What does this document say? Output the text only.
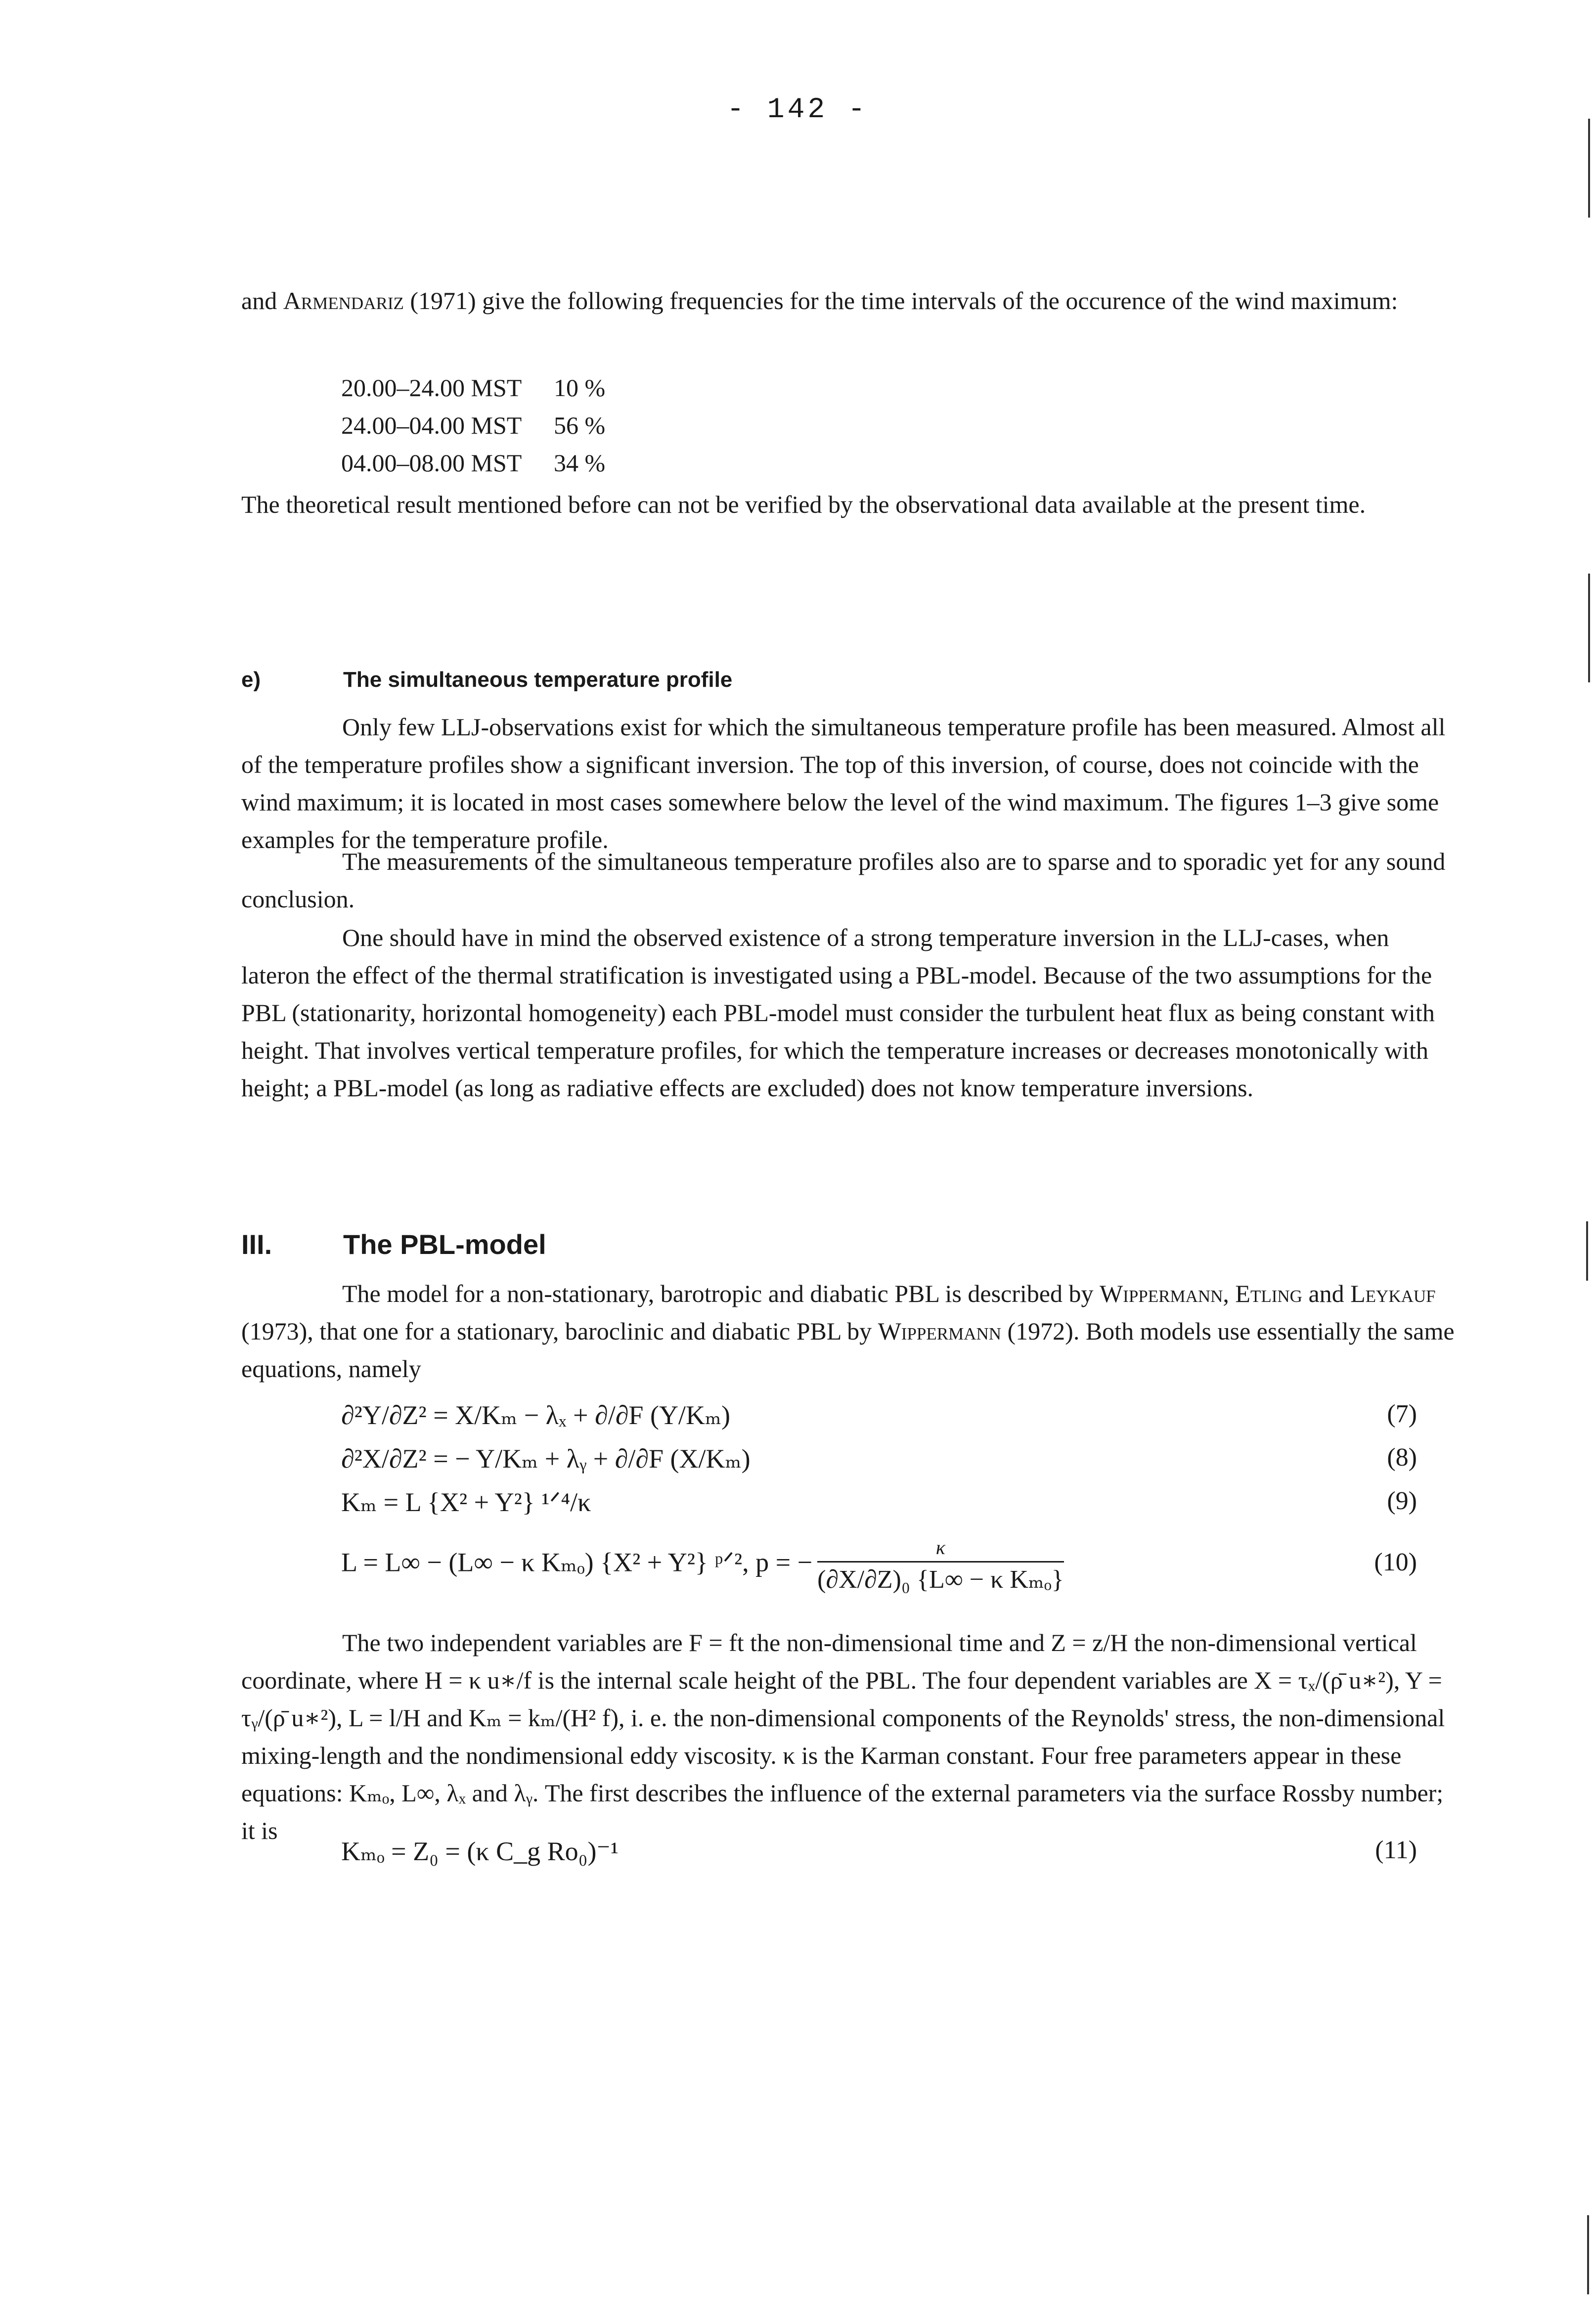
- 142 -

and Armendariz (1971) give the following frequencies for the time intervals of the occurence of the wind maximum:

20.00–24.00 MST 10 %
24.00–04.00 MST 56 %
04.00–08.00 MST 34 %

The theoretical result mentioned before can not be verified by the observational data available at the present time.

e)	The simultaneous temperature profile

Only few LLJ-observations exist for which the simultaneous temperature profile has been measured. Almost all of the temperature profiles show a significant inversion. The top of this inversion, of course, does not coincide with the wind maximum; it is located in most cases somewhere below the level of the wind maximum. The figures 1–3 give some examples for the temperature profile.

The measurements of the simultaneous temperature profiles also are to sparse and to sporadic yet for any sound conclusion.

One should have in mind the observed existence of a strong temperature inversion in the LLJ-cases, when lateron the effect of the thermal stratification is investigated using a PBL-model. Because of the two assumptions for the PBL (stationarity, horizontal homogeneity) each PBL-model must consider the turbulent heat flux as being constant with height. That involves vertical temperature profiles, for which the temperature increases or decreases monotonically with height; a PBL-model (as long as radiative effects are excluded) does not know temperature inversions.

III.	The PBL-model

The model for a non-stationary, barotropic and diabatic PBL is described by Wippermann, Etling and Leykauf (1973), that one for a stationary, baroclinic and diabatic PBL by Wippermann (1972). Both models use essentially the same equations, namely

∂²Y/∂Z² = X/Kₘ − λₓ + ∂/∂F (Y/Kₘ)	(7)
∂²X/∂Z² = − Y/Kₘ + λᵧ + ∂/∂F (X/Kₘ)	(8)
Kₘ = L {X² + Y²} ¹ᐟ⁴/κ	(9)
L = L∞ − (L∞ − κ Kₘₒ) {X² + Y²} ᵖᐟ², p = − $\frac{\kappa}{\text{(∂X/∂Z)₀ \{L∞ − κ Kₘₒ\}}}$	(10)

The two independent variables are F = ft the non-dimensional time and Z = z/H the non-dimensional vertical coordinate, where H = κ u∗/f is the internal scale height of the PBL. The four dependent variables are X = τₓ/(ρ̄ u∗²), Y = τᵧ/(ρ̄ u∗²), L = l/H and Kₘ = kₘ/(H² f), i. e. the non-dimensional components of the Reynolds' stress, the non-dimensional mixing-length and the nondimensional eddy viscosity. κ is the Karman constant. Four free parameters appear in these equations: Kₘₒ, L∞, λₓ and λᵧ. The first describes the influence of the external parameters via the surface Rossby number; it is

Kₘₒ = Z₀ = (κ C_g Ro₀)⁻¹	(11)
